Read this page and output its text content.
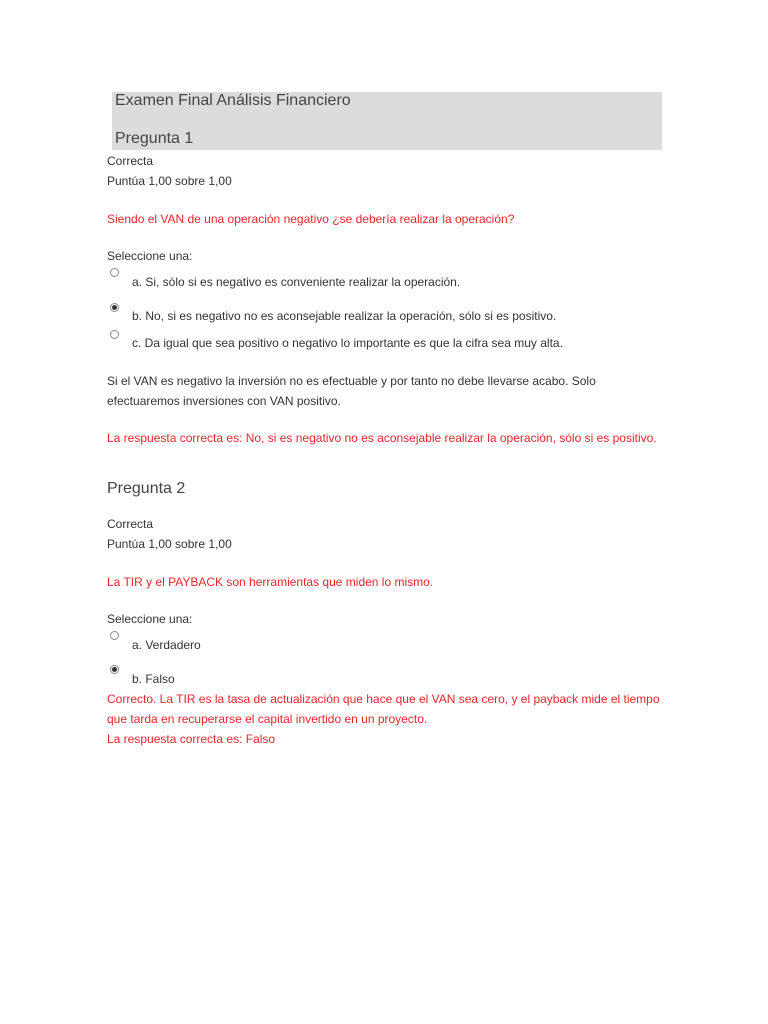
Examen Final Análisis Financiero
Pregunta 1
Correcta
Puntúa 1,00 sobre 1,00
Siendo el VAN de una operación negativo ¿se debería realizar la operación?
Seleccione una:
a. Si, sólo si es negativo es conveniente realizar la operación.
b. No, si es negativo no es aconsejable realizar la operación, sólo si es positivo.
c. Da igual que sea positivo o negativo lo importante es que la cifra sea muy alta.
Si el VAN es negativo la inversión no es efectuable y por tanto no debe llevarse acabo. Solo efectuaremos inversiones con VAN positivo.
La respuesta correcta es: No, si es negativo no es aconsejable realizar la operación, sólo si es positivo.
Pregunta 2
Correcta
Puntúa 1,00 sobre 1,00
La TIR y el PAYBACK son herramientas que miden lo mismo.
Seleccione una:
a. Verdadero
b. Falso
Correcto. La TIR es la tasa de actualización que hace que el VAN sea cero, y el payback mide el tiempo que tarda en recuperarse el capital invertido en un proyecto.
La respuesta correcta es: Falso
